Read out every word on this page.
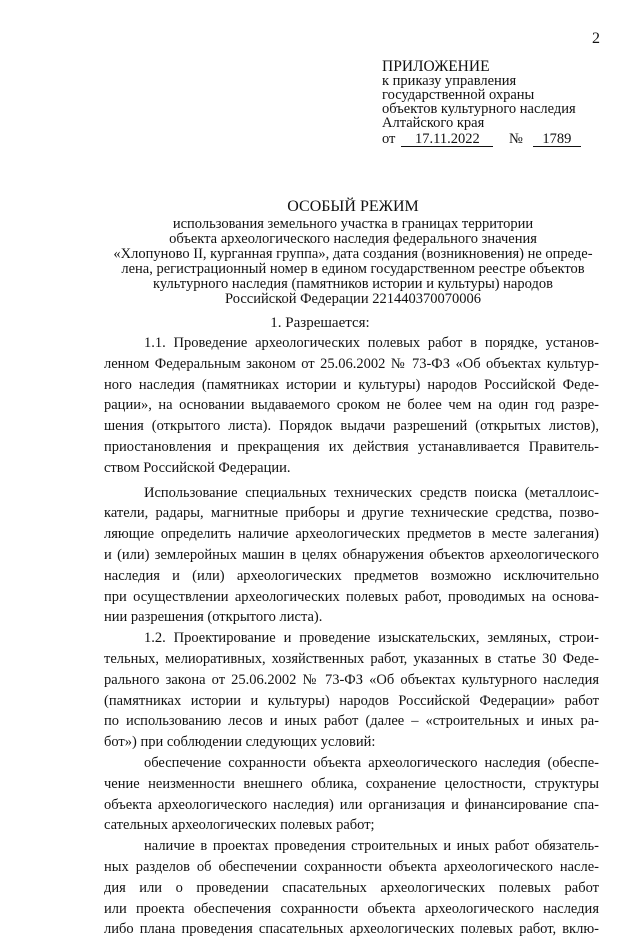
2
ПРИЛОЖЕНИЕ
к приказу управления
государственной охраны
объектов культурного наследия
Алтайского края
от 17.11.2022 № 1789
ОСОБЫЙ РЕЖИМ
использования земельного участка в границах территории
объекта археологического наследия федерального значения
«Хлопуново II, курганная группа», дата создания (возникновения) не опреде-
лена, регистрационный номер в едином государственном реестре объектов
культурного наследия (памятников истории и культуры) народов
Российской Федерации 221440370070006
1. Разрешается:
1.1. Проведение археологических полевых работ в порядке, установ-
ленном Федеральным законом от 25.06.2002 № 73-ФЗ «Об объектах культур-
ного наследия (памятниках истории и культуры) народов Российской Феде-
рации», на основании выдаваемого сроком не более чем на один год разре-
шения (открытого листа). Порядок выдачи разрешений (открытых листов),
приостановления и прекращения их действия устанавливается Правитель-
ством Российской Федерации.
Использование специальных технических средств поиска (металлоис-
катели, радары, магнитные приборы и другие технические средства, позво-
ляющие определить наличие археологических предметов в месте залегания)
и (или) землеройных машин в целях обнаружения объектов археологического
наследия и (или) археологических предметов возможно исключительно
при осуществлении археологических полевых работ, проводимых на основа-
нии разрешения (открытого листа).
1.2. Проектирование и проведение изыскательских, земляных, строи-
тельных, мелиоративных, хозяйственных работ, указанных в статье 30 Феде-
рального закона от 25.06.2002 № 73-ФЗ «Об объектах культурного наследия
(памятниках истории и культуры) народов Российской Федерации» работ
по использованию лесов и иных работ (далее – «строительных и иных ра-
бот») при соблюдении следующих условий:
обеспечение сохранности объекта археологического наследия (обеспе-
чение неизменности внешнего облика, сохранение целостности, структуры
объекта археологического наследия) или организация и финансирование спа-
сательных археологических полевых работ;
наличие в проектах проведения строительных и иных работ обязатель-
ных разделов об обеспечении сохранности объекта археологического насле-
дия или о проведении спасательных археологических полевых работ
или проекта обеспечения сохранности объекта археологического наследия
либо плана проведения спасательных археологических полевых работ, вклю-
